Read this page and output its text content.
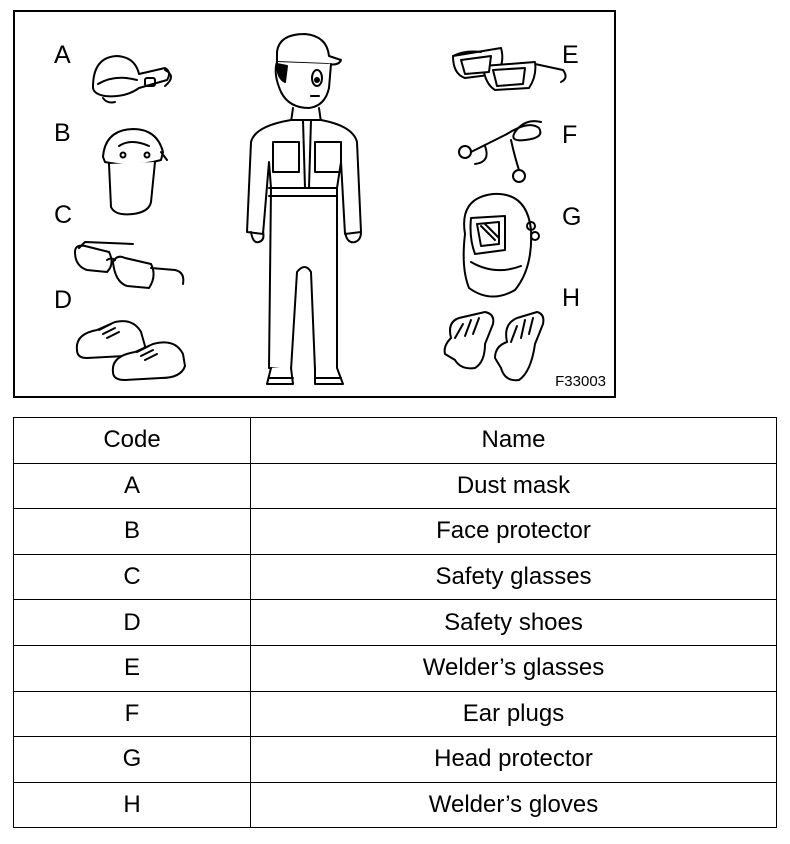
A
B
C
D
E
F
G
H
F33003
Code	Name
A	Dust mask
B	Face protector
C	Safety glasses
D	Safety shoes
E	Welder’s glasses
F	Ear plugs
G	Head protector
H	Welder’s gloves
